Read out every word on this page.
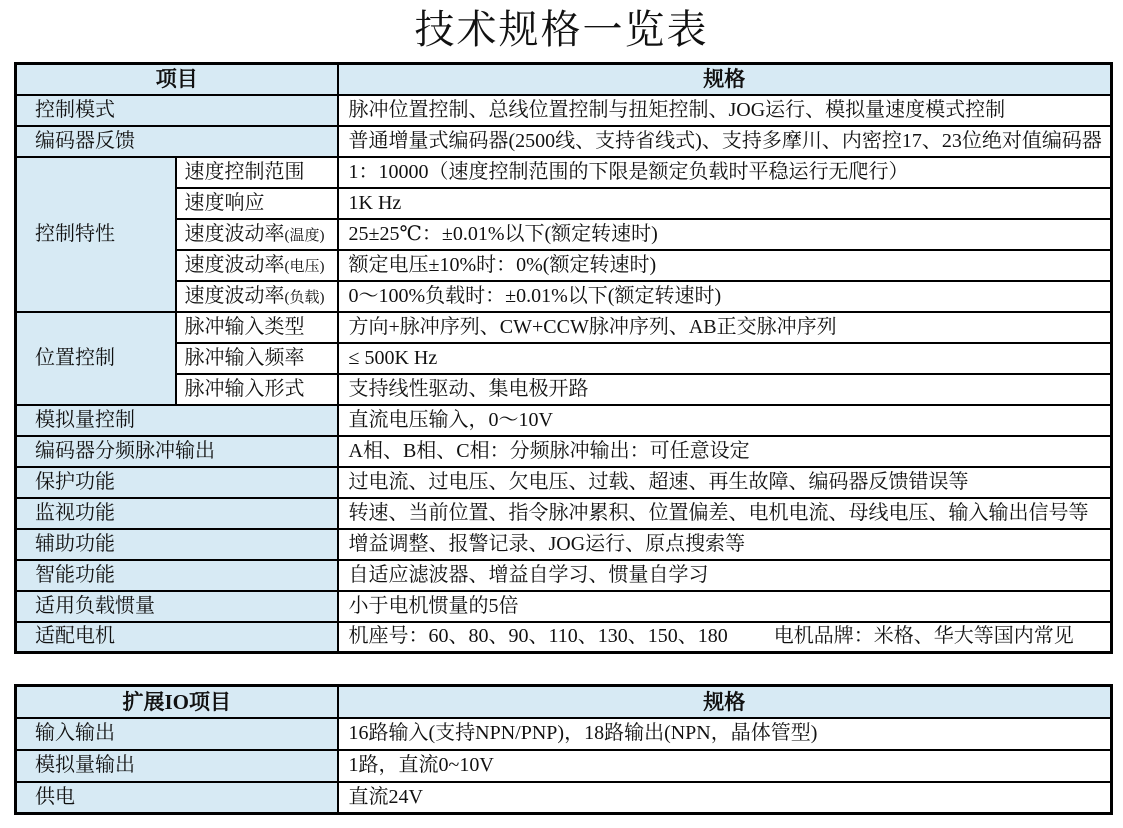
技术规格一览表
项目		规格
控制模式		脉冲位置控制、总线位置控制与扭矩控制、JOG运行、模拟量速度模式控制
编码器反馈		普通增量式编码器(2500线、支持省线式)、支持多摩川、内密控17、23位绝对值编码器
控制特性	速度控制范围	1：10000（速度控制范围的下限是额定负载时平稳运行无爬行）
	速度响应	1K Hz
	速度波动率(温度)	25±25℃：±0.01%以下(额定转速时)
	速度波动率(电压)	额定电压±10%时：0%(额定转速时)
	速度波动率(负载)	0～100%负载时：±0.01%以下(额定转速时)
位置控制	脉冲输入类型	方向+脉冲序列、CW+CCW脉冲序列、AB正交脉冲序列
	脉冲输入频率	≤ 500K Hz
	脉冲输入形式	支持线性驱动、集电极开路
模拟量控制		直流电压输入，0～10V
编码器分频脉冲输出		A相、B相、C相：分频脉冲输出：可任意设定
保护功能		过电流、过电压、欠电压、过载、超速、再生故障、编码器反馈错误等
监视功能		转速、当前位置、指令脉冲累积、位置偏差、电机电流、母线电压、输入输出信号等
辅助功能		增益调整、报警记录、JOG运行、原点搜索等
智能功能		自适应滤波器、增益自学习、惯量自学习
适用负载惯量		小于电机惯量的5倍
适配电机		机座号：60、80、90、110、130、150、180 电机品牌：米格、华大等国内常见
扩展IO项目	规格
输入输出	16路输入(支持NPN/PNP)，18路输出(NPN，晶体管型)
模拟量输出	1路，直流0~10V
供电	直流24V
